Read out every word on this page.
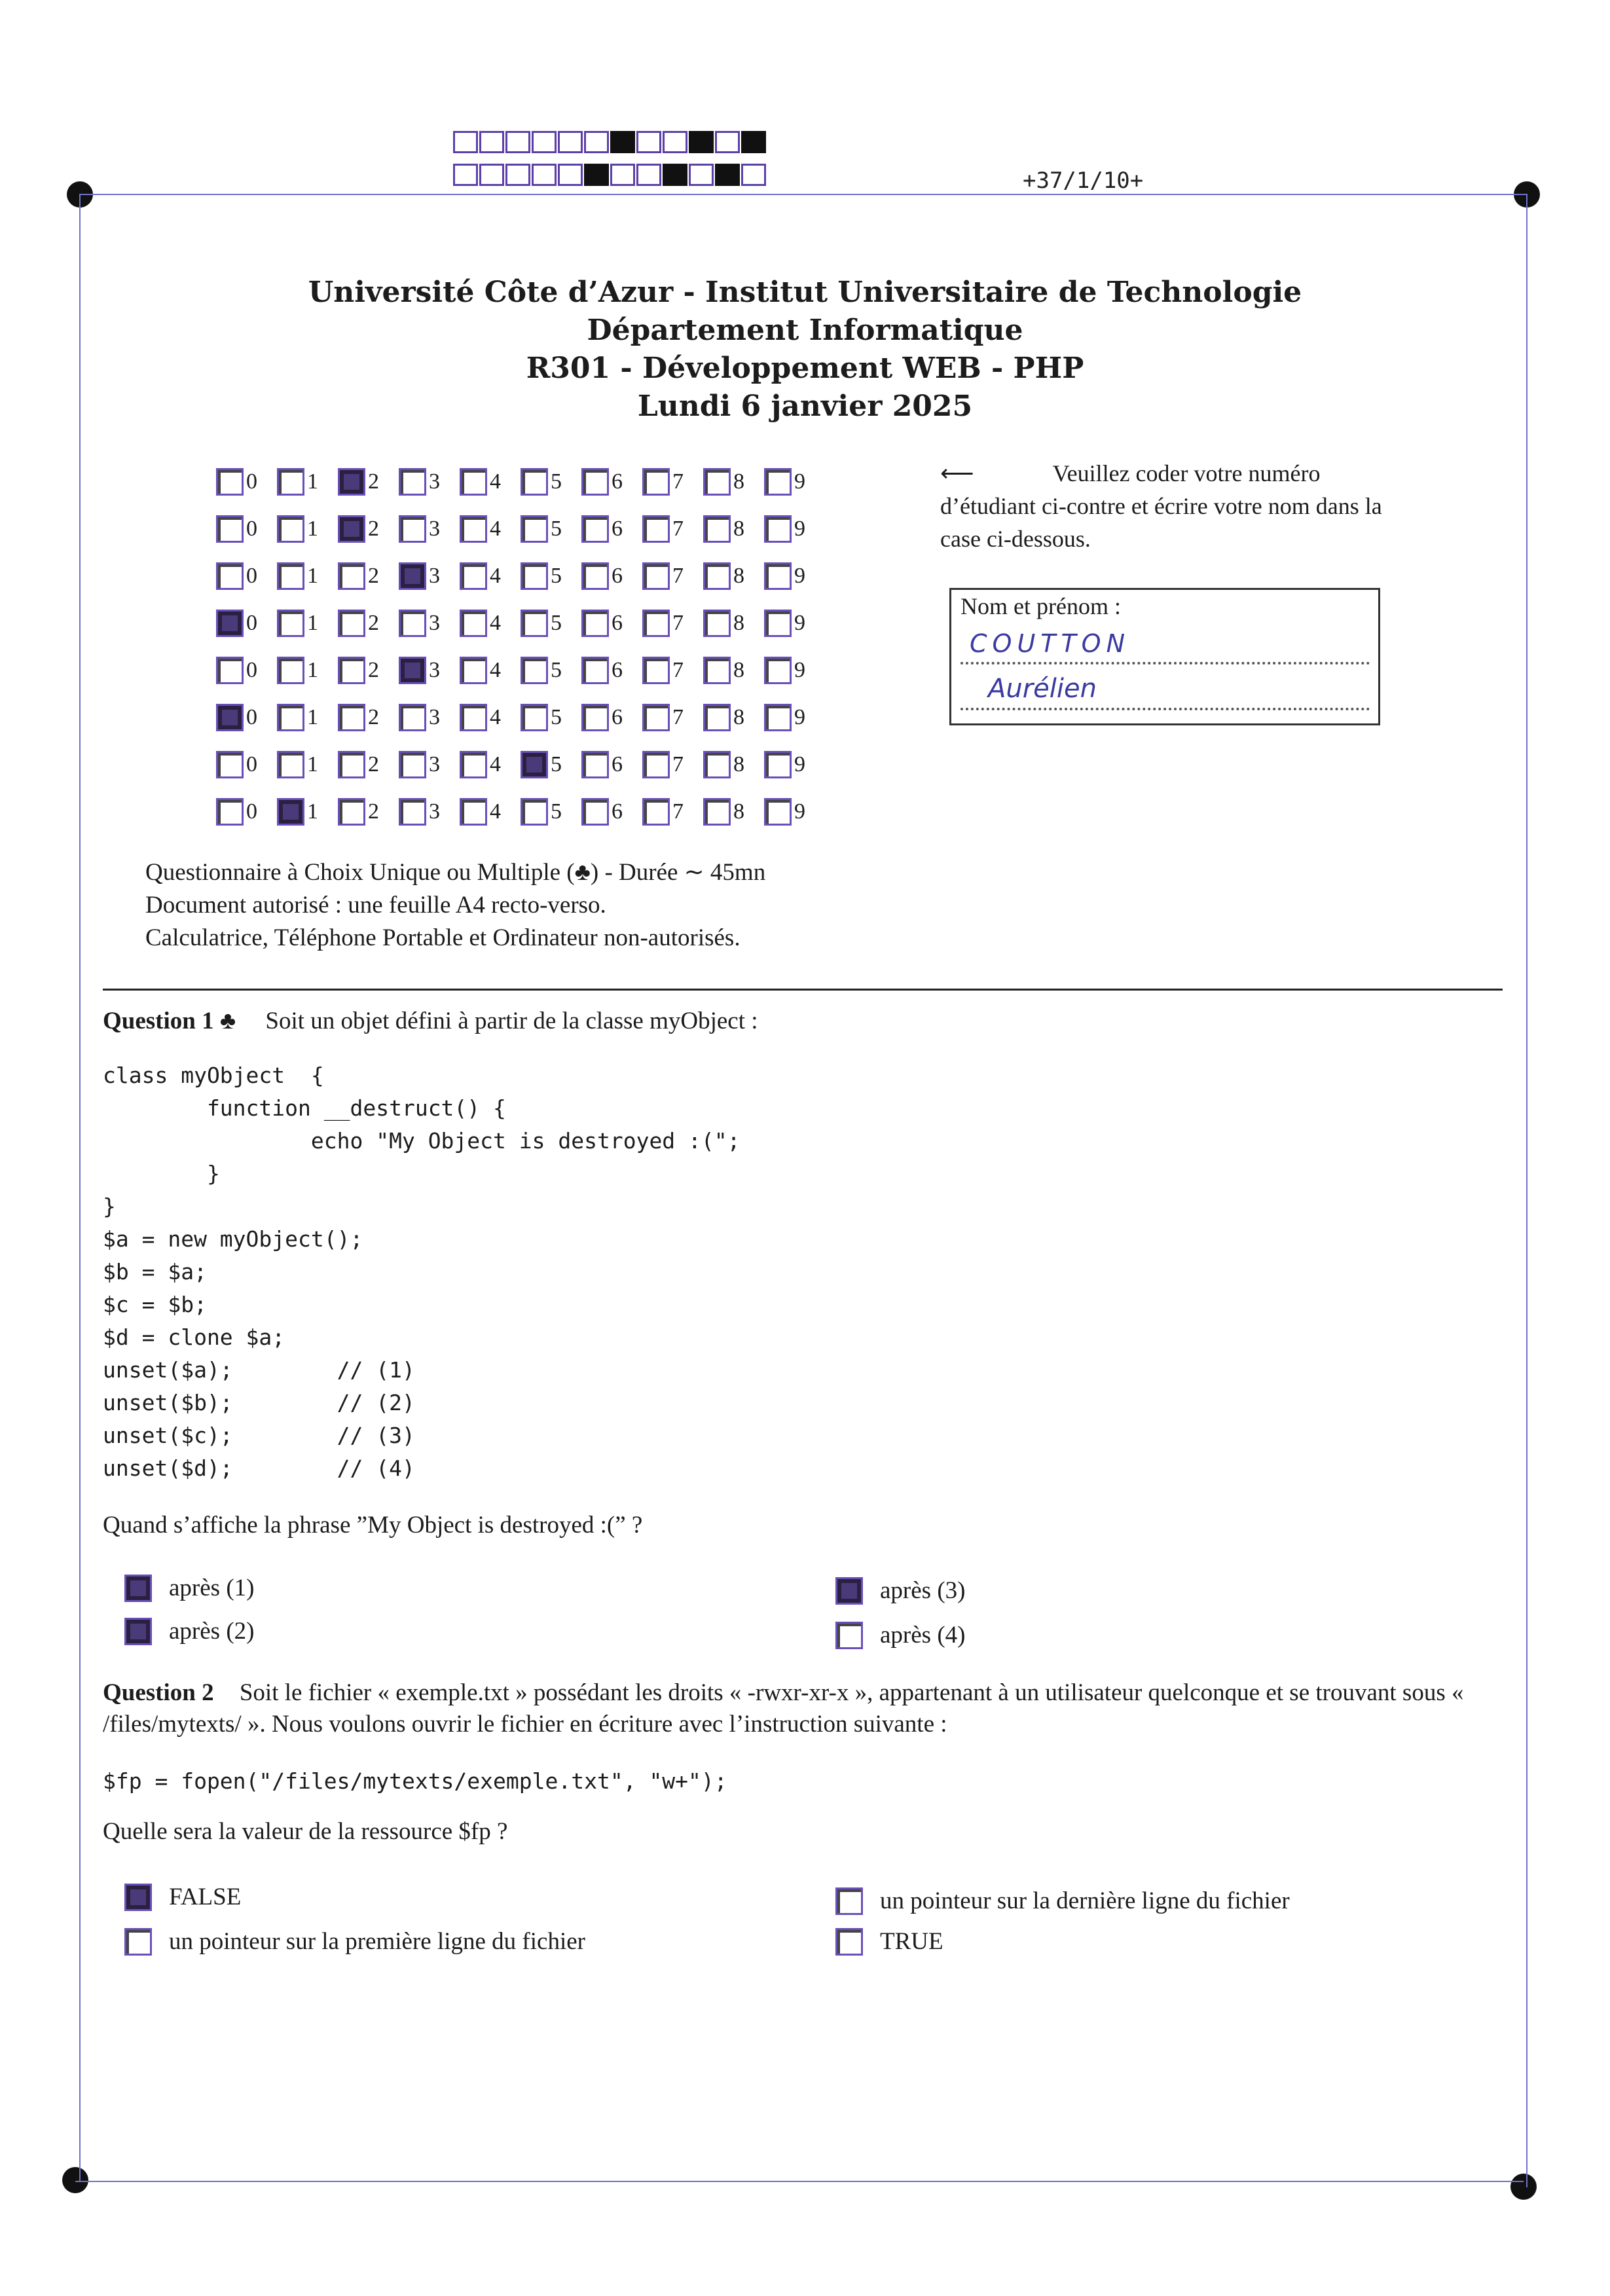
+37/1/10+
Université Côte d’Azur - Institut Universitaire de Technologie
Département Informatique
R301 - Développement WEB - PHP
Lundi 6 janvier 2025
0 1 2 3 4 5 6 7 8 9
0 1 2 3 4 5 6 7 8 9
0 1 2 3 4 5 6 7 8 9
0 1 2 3 4 5 6 7 8 9
0 1 2 3 4 5 6 7 8 9
0 1 2 3 4 5 6 7 8 9
0 1 2 3 4 5 6 7 8 9
0 1 2 3 4 5 6 7 8 9
⟵	Veuillez coder votre numéro d’étudiant ci-contre et écrire votre nom dans la case ci-dessous.
Nom et prénom :
COUTTON
Aurélien
Questionnaire à Choix Unique ou Multiple (♣) - Durée ∼ 45mn
Document autorisé : une feuille A4 recto-verso.
Calculatrice, Téléphone Portable et Ordinateur non-autorisés.
Question 1 ♣ Soit un objet défini à partir de la classe myObject :
class myObject  {
function __destruct() {
echo "My Object is destroyed :(";
}
}
$a = new myObject();
$b = $a;
$c = $b;
$d = clone $a;
unset($a);        // (1)
unset($b);        // (2)
unset($c);        // (3)
unset($d);        // (4)
Quand s’affiche la phrase ”My Object is destroyed :(” ?
après (1)
après (2)
après (3)
après (4)
Question 2 Soit le fichier « exemple.txt » possédant les droits « -rwxr-xr-x », appartenant à un utilisateur quelconque et se trouvant sous « /files/mytexts/ ». Nous voulons ouvrir le fichier en écriture avec l’instruction suivante :
$fp = fopen("/files/mytexts/exemple.txt", "w+");
Quelle sera la valeur de la ressource $fp ?
FALSE
un pointeur sur la première ligne du fichier
un pointeur sur la dernière ligne du fichier
TRUE
